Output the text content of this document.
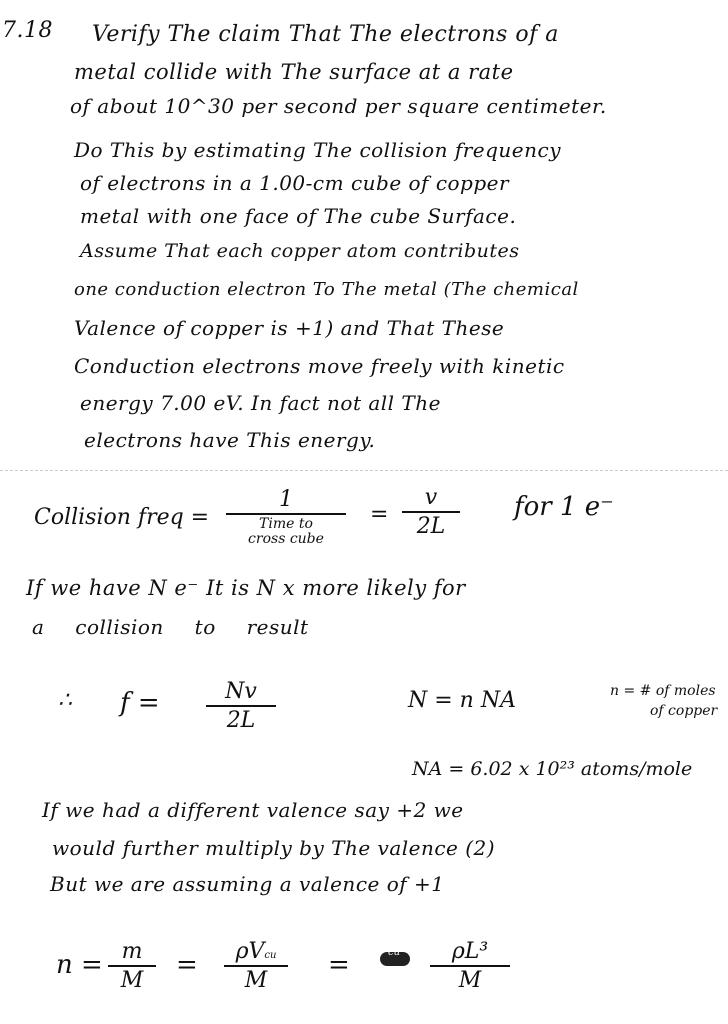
7.18 Verify The claim That The electrons of a
metal collide with The surface at a rate
of about 10^30 per second per square centimeter.
Do This by estimating The collision frequency
of electrons in a 1.00-cm cube of copper
metal with one face of The cube Surface.
Assume That each copper atom contributes
one conduction electron To The metal (The chemical
Valence of copper is +1) and That These
Conduction electrons move freely with kinetic
energy 7.00 eV. In fact not all The
electrons have This energy.
Collision freq =
1
Time to
cross cube
=
v
2L
for 1 e⁻
If we have N e⁻ It is N x more likely for
a collision to result
∴ f =	Nv
2L
N = n NA	n = # of moles
of copper
NA = 6.02 x 10²³ atoms/mole
If we had a different valence say +2 we
would further multiply by The valence (2)
But we are assuming a valence of +1
n = m
M
=	ρVcu
M
=	cu	ρL³
M
